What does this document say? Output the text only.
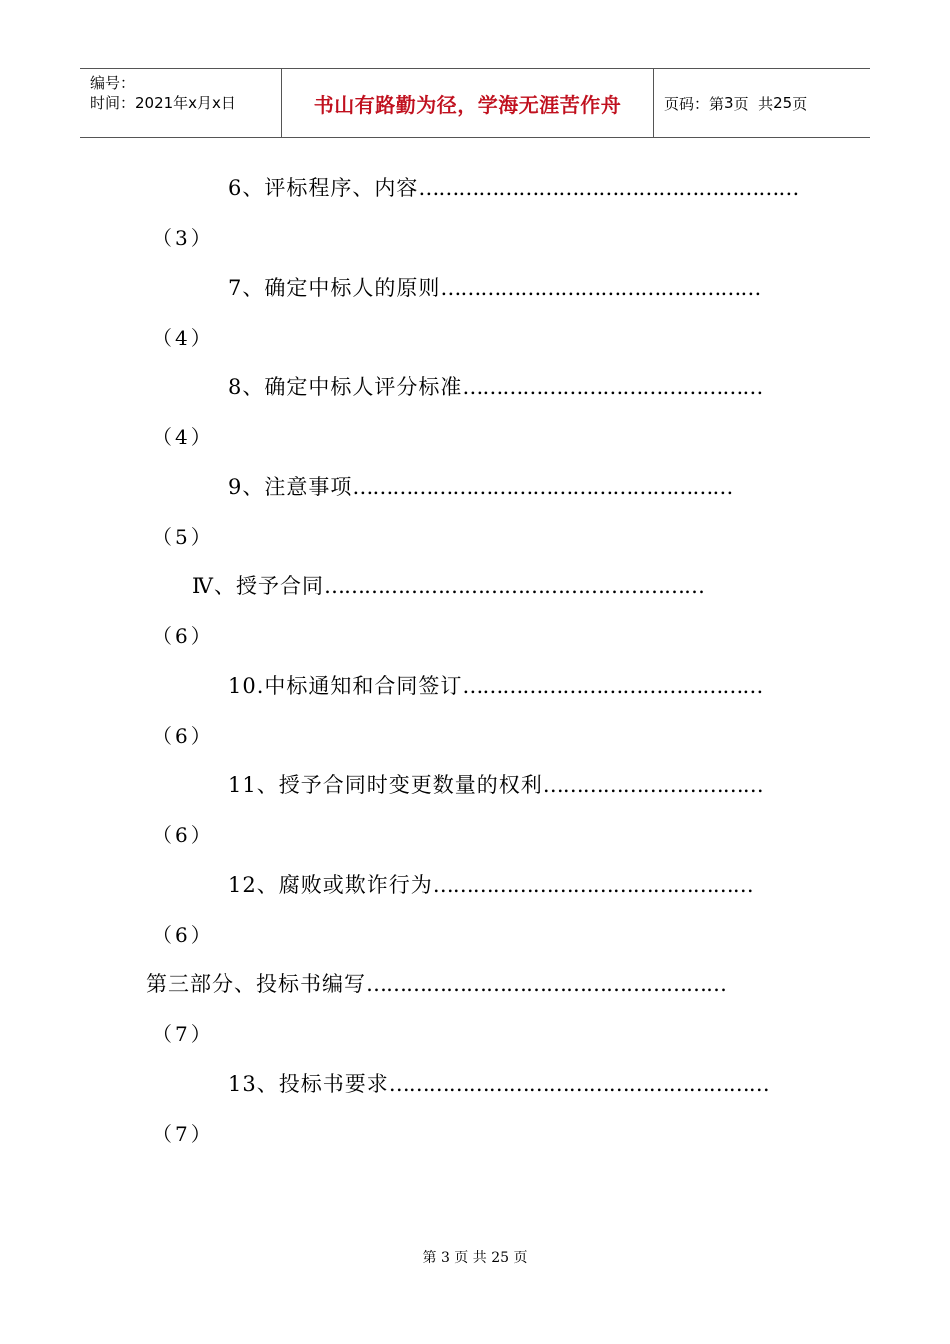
编号：
时间：2021年x月x日	书山有路勤为径，学海无涯苦作舟	页码：第 3 页  共 25 页
6、评标程序、内容…………………………………………………
（3）
7、确定中标人的原则…………………………………………
（4）
8、确定中标人评分标准………………………………………
（4）
9、注意事项…………………………………………………
（5）
Ⅳ、授予合同…………………………………………………
（6）
10.中标通知和合同签订………………………………………
（6）
11、授予合同时变更数量的权利……………………………
（6）
12、腐败或欺诈行为…………………………………………
（6）
第三部分、投标书编写………………………………………………
（7）
13、投标书要求…………………………………………………
（7）
第 3 页 共 25 页
